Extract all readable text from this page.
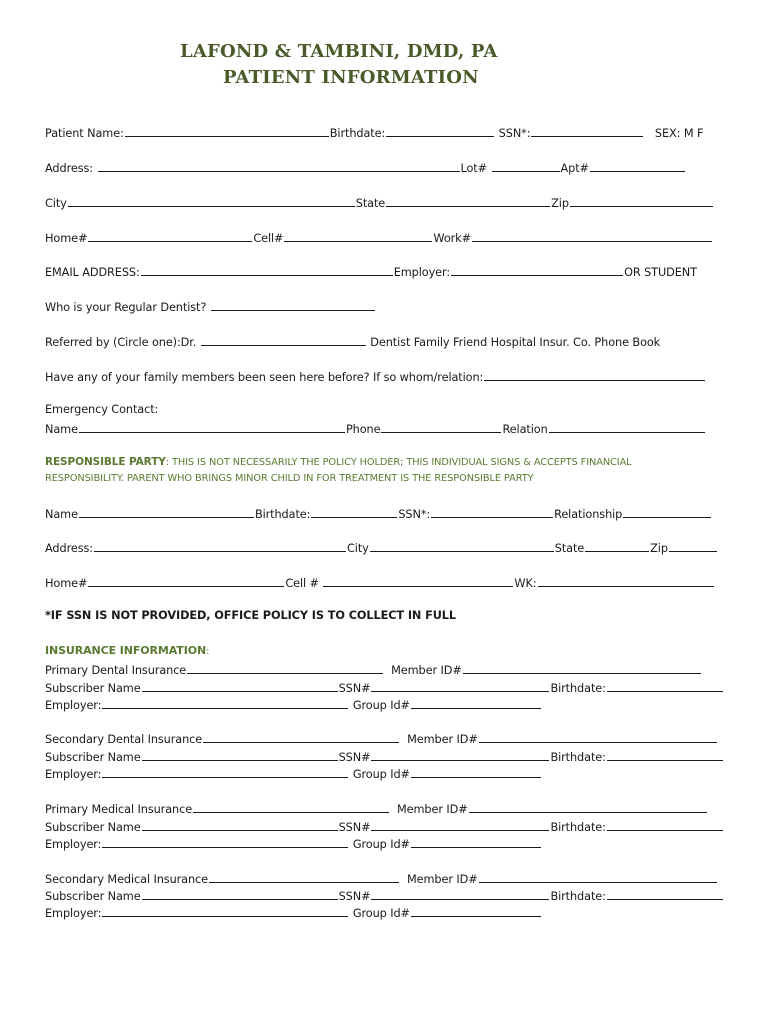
LAFOND & TAMBINI, DMD, PA
PATIENT INFORMATION
Patient Name:	Birthdate:	SSN*:	SEX: M F
Address:	Lot#	Apt#
City	State	Zip
Home#	Cell#	Work#
EMAIL ADDRESS:	Employer:	OR STUDENT
Who is your Regular Dentist?
Referred by (Circle one):Dr.	Dentist Family Friend Hospital Insur. Co. Phone Book
Have any of your family members been seen here before? If so whom/relation:
Emergency Contact:
Name	Phone	Relation
RESPONSIBLE PARTY: THIS IS NOT NECESSARILY THE POLICY HOLDER; THIS INDIVIDUAL SIGNS & ACCEPTS FINANCIAL
RESPONSIBILITY. PARENT WHO BRINGS MINOR CHILD IN FOR TREATMENT IS THE RESPONSIBLE PARTY
Name	Birthdate:	SSN*:	Relationship
Address:	City	State	Zip
Home#	Cell #	WK:
*IF SSN IS NOT PROVIDED, OFFICE POLICY IS TO COLLECT IN FULL
INSURANCE INFORMATION:
Primary Dental Insurance	Member ID#
Subscriber Name	SSN#	Birthdate:
Employer:	Group Id#
Secondary Dental Insurance	Member ID#
Subscriber Name	SSN#	Birthdate:
Employer:	Group Id#
Primary Medical Insurance	Member ID#
Subscriber Name	SSN#	Birthdate:
Employer:	Group Id#
Secondary Medical Insurance	Member ID#
Subscriber Name	SSN#	Birthdate:
Employer:	Group Id#
